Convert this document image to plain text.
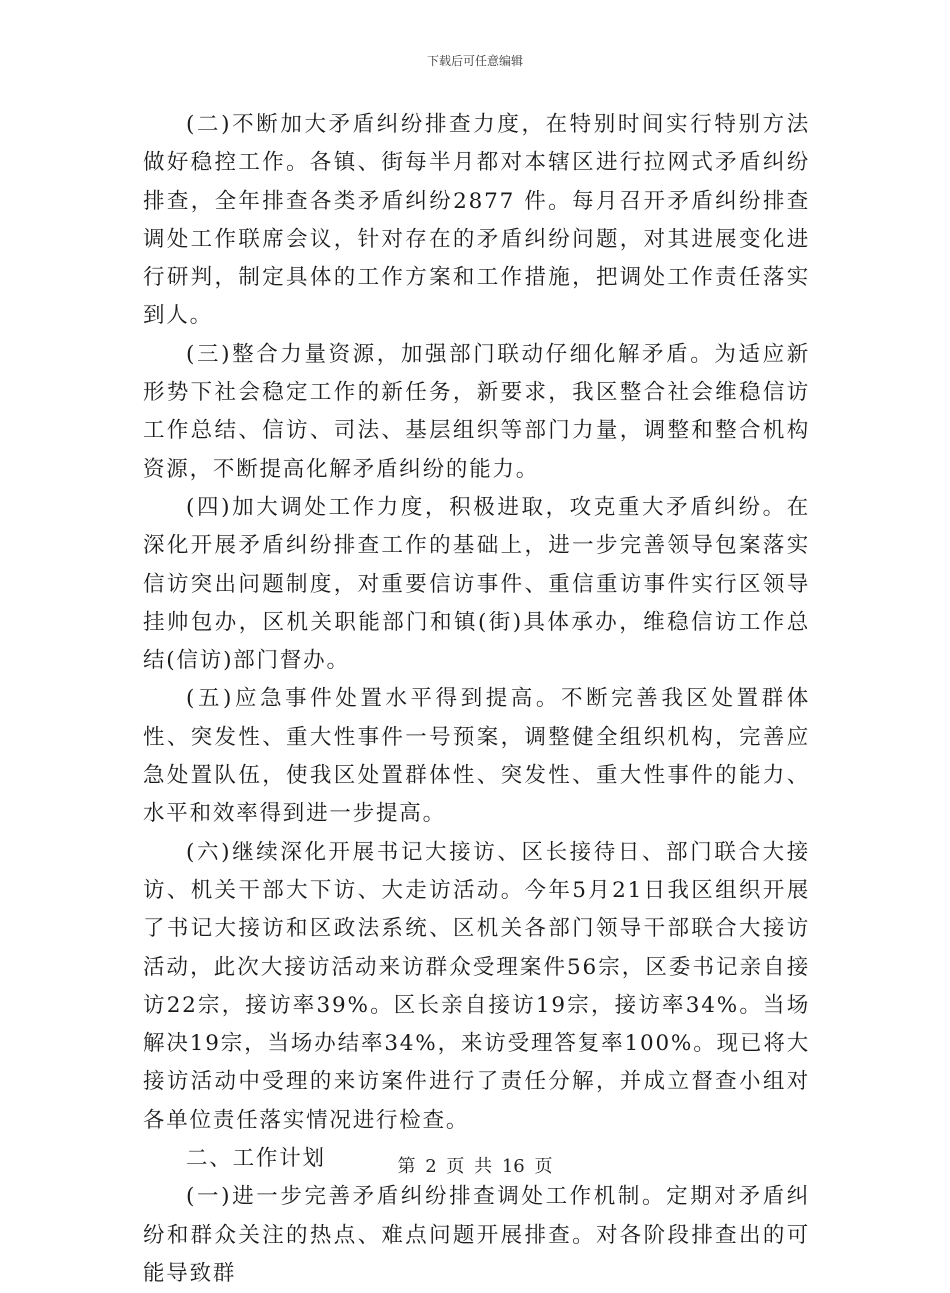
下载后可任意编辑

(二)不断加大矛盾纠纷排查力度，在特别时间实行特别方法做好稳控工作。各镇、街每半月都对本辖区进行拉网式矛盾纠纷排查，全年排查各类矛盾纠纷2877 件。每月召开矛盾纠纷排查调处工作联席会议，针对存在的矛盾纠纷问题，对其进展变化进行研判，制定具体的工作方案和工作措施，把调处工作责任落实到人。

(三)整合力量资源，加强部门联动仔细化解矛盾。为适应新形势下社会稳定工作的新任务，新要求，我区整合社会维稳信访工作总结、信访、司法、基层组织等部门力量，调整和整合机构资源，不断提高化解矛盾纠纷的能力。

(四)加大调处工作力度，积极进取，攻克重大矛盾纠纷。在深化开展矛盾纠纷排查工作的基础上，进一步完善领导包案落实信访突出问题制度，对重要信访事件、重信重访事件实行区领导挂帅包办，区机关职能部门和镇(街)具体承办，维稳信访工作总结(信访)部门督办。

(五)应急事件处置水平得到提高。不断完善我区处置群体性、突发性、重大性事件一号预案，调整健全组织机构，完善应急处置队伍，使我区处置群体性、突发性、重大性事件的能力、水平和效率得到进一步提高。

(六)继续深化开展书记大接访、区长接待日、部门联合大接访、机关干部大下访、大走访活动。今年5月21日我区组织开展了书记大接访和区政法系统、区机关各部门领导干部联合大接访活动，此次大接访活动来访群众受理案件56宗，区委书记亲自接访22宗，接访率39%。区长亲自接访19宗，接访率34%。当场解决19宗，当场办结率34%，来访受理答复率100%。现已将大接访活动中受理的来访案件进行了责任分解，并成立督查小组对各单位责任落实情况进行检查。

二、工作计划

(一)进一步完善矛盾纠纷排查调处工作机制。定期对矛盾纠纷和群众关注的热点、难点问题开展排查。对各阶段排查出的可能导致群

第 2 页 共 16 页
